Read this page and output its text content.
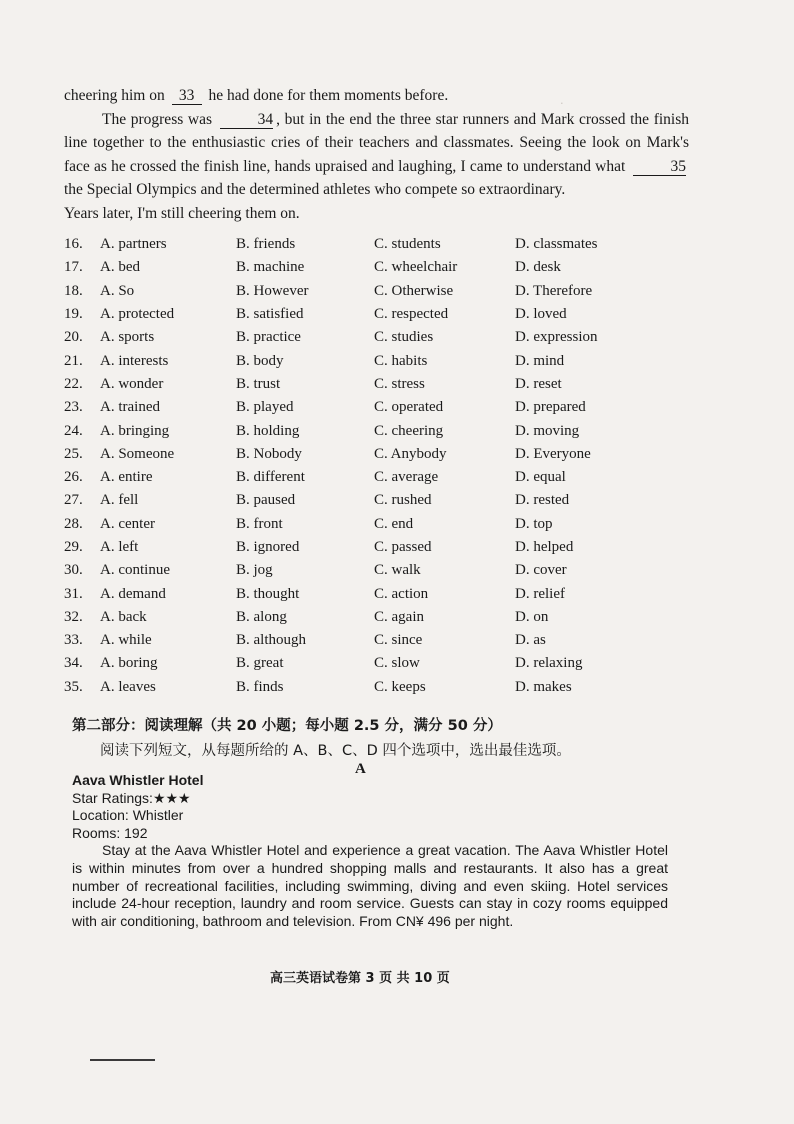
.

cheering him on 33 he had done for them moments before.

The progress was	34 , but in the end the three star runners and Mark crossed the finish line together to the enthusiastic cries of their teachers and classmates. Seeing the look on Mark's face as he crossed the finish line, hands upraised and laughing, I came to understand what	35 the Special Olympics and the determined athletes who compete so extraordinary.

Years later, I'm still cheering them on.

16.	A. partners	B. friends	C. students	D. classmates
17.	A. bed	B. machine	C. wheelchair	D. desk
18.	A. So	B. However	C. Otherwise	D. Therefore
19.	A. protected	B. satisfied	C. respected	D. loved
20.	A. sports	B. practice	C. studies	D. expression
21.	A. interests	B. body	C. habits	D. mind
22.	A. wonder	B. trust	C. stress	D. reset
23.	A. trained	B. played	C. operated	D. prepared
24.	A. bringing	B. holding	C. cheering	D. moving
25.	A. Someone	B. Nobody	C. Anybody	D. Everyone
26.	A. entire	B. different	C. average	D. equal
27.	A. fell	B. paused	C. rushed	D. rested
28.	A. center	B. front	C. end	D. top
29.	A. left	B. ignored	C. passed	D. helped
30.	A. continue	B. jog	C. walk	D. cover
31.	A. demand	B. thought	C. action	D. relief
32.	A. back	B. along	C. again	D. on
33.	A. while	B. although	C. since	D. as
34.	A. boring	B. great	C. slow	D. relaxing
35.	A. leaves	B. finds	C. keeps	D. makes
第二部分：阅读理解（共 20 小题；每小题 2.5 分，满分 50 分）
阅读下列短文，从每题所给的 A、B、C、D 四个选项中，选出最佳选项。
A
Aava Whistler Hotel
Star Ratings:★★★
Location: Whistler
Rooms: 192

Stay at the Aava Whistler Hotel and experience a great vacation. The Aava Whistler Hotel is within minutes from over a hundred shopping malls and restaurants. It also has a great number of recreational facilities, including swimming, diving and even skiing. Hotel services include 24-hour reception, laundry and room service. Guests can stay in cozy rooms equipped with air conditioning, bathroom and television. From CN¥ 496 per night.

高三英语试卷第 3 页 共 10 页
